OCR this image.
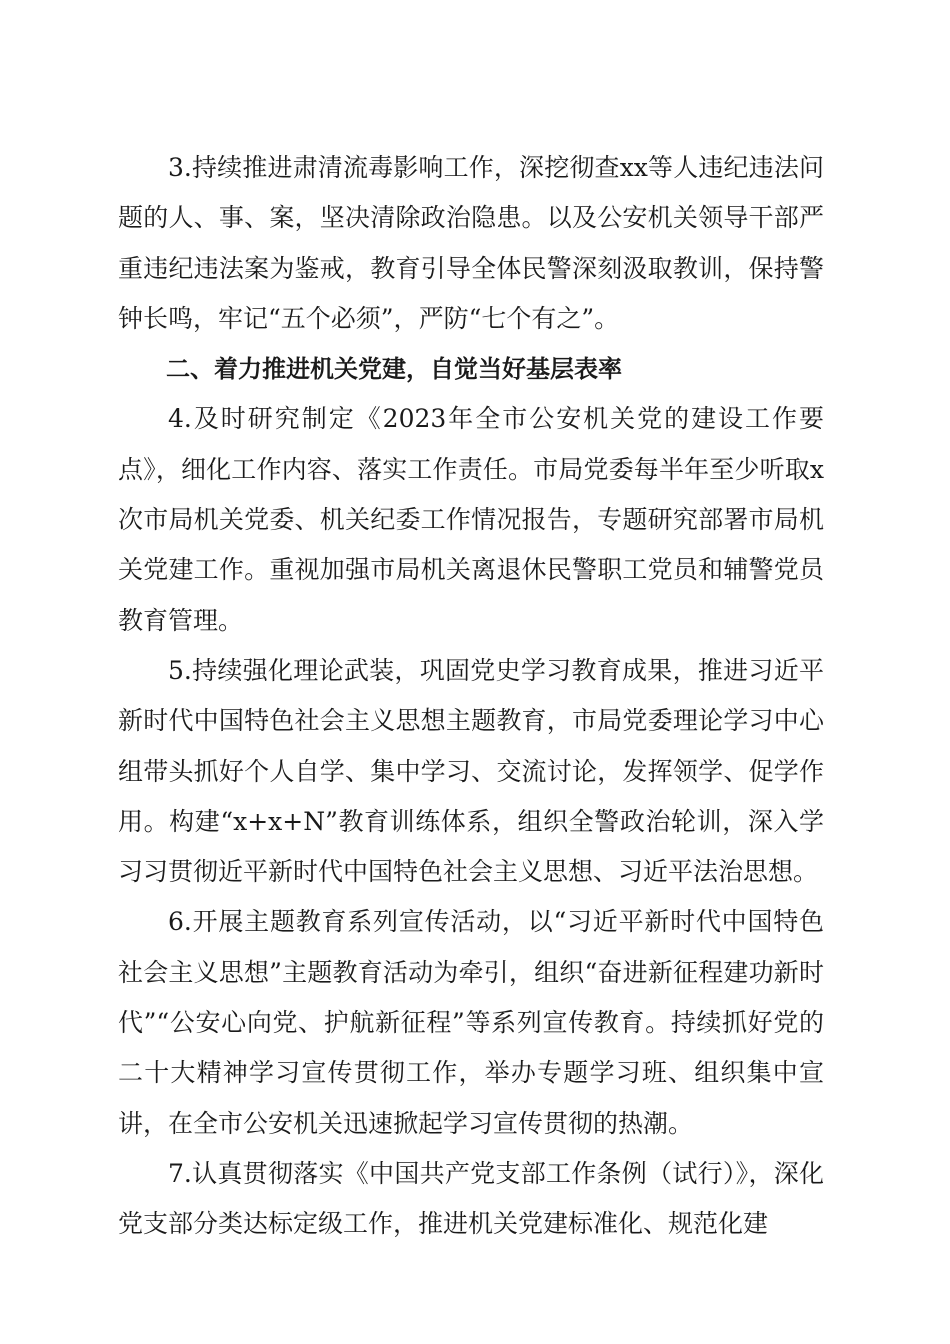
3.持续推进肃清流毒影响工作，深挖彻查xx等人违纪违法问题的人、事、案，坚决清除政治隐患。以及公安机关领导干部严重违纪违法案为鉴戒，教育引导全体民警深刻汲取教训，保持警钟长鸣，牢记“五个必须”，严防“七个有之”。

二、着力推进机关党建，自觉当好基层表率

4.及时研究制定《2023年全市公安机关党的建设工作要点》，细化工作内容、落实工作责任。市局党委每半年至少听取x次市局机关党委、机关纪委工作情况报告，专题研究部署市局机关党建工作。重视加强市局机关离退休民警职工党员和辅警党员教育管理。

5.持续强化理论武装，巩固党史学习教育成果，推进习近平新时代中国特色社会主义思想主题教育，市局党委理论学习中心组带头抓好个人自学、集中学习、交流讨论，发挥领学、促学作用。构建“x+x+N”教育训练体系，组织全警政治轮训，深入学习习贯彻近平新时代中国特色社会主义思想、习近平法治思想。

6.开展主题教育系列宣传活动，以“习近平新时代中国特色社会主义思想”主题教育活动为牵引，组织“奋进新征程建功新时代”“公安心向党、护航新征程”等系列宣传教育。持续抓好党的二十大精神学习宣传贯彻工作，举办专题学习班、组织集中宣讲，在全市公安机关迅速掀起学习宣传贯彻的热潮。

7.认真贯彻落实《中国共产党支部工作条例（试行）》，深化党支部分类达标定级工作，推进机关党建标准化、规范化建
